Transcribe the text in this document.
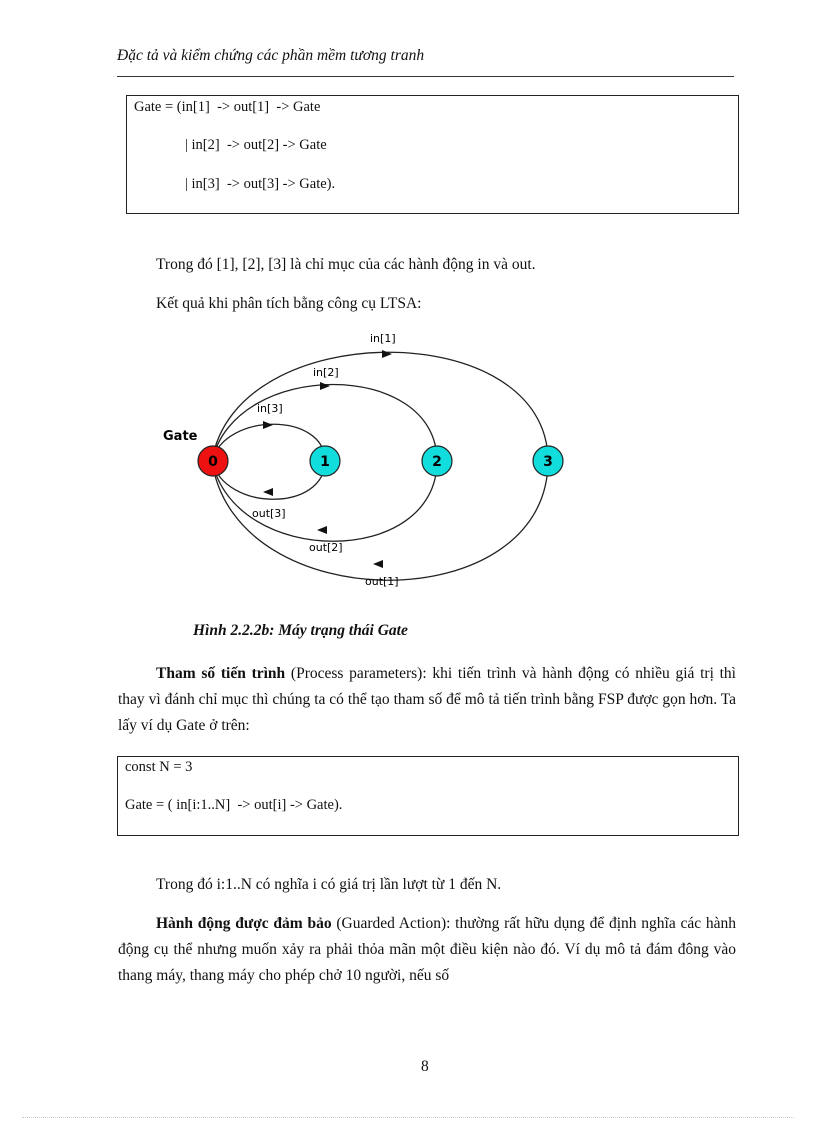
Đặc tả và kiểm chứng các phần mềm tương tranh
Gate = (in[1]  -> out[1]  -> Gate
| in[2]  -> out[2] -> Gate
| in[3]  -> out[3] -> Gate).
Trong đó [1], [2], [3] là chỉ mục của các hành động in và out.
Kết quả khi phân tích bằng công cụ LTSA:
in[1]
in[2]
in[3]
out[3]
out[2]
out[1]
Gate
0	1	2	3
Hình 2.2.2b: Máy trạng thái Gate
Tham số tiến trình (Process parameters): khi tiến trình và hành động có nhiều giá trị thì thay vì đánh chỉ mục thì chúng ta có thể tạo tham số để mô tả tiến trình bằng FSP được gọn hơn. Ta lấy ví dụ Gate ở trên:
const N = 3
Gate = ( in[i:1..N]  -> out[i] -> Gate).
Trong đó i:1..N có nghĩa i có giá trị lần lượt từ 1 đến N.
Hành động được đảm bảo (Guarded Action): thường rất hữu dụng để định nghĩa các hành động cụ thể nhưng muốn xảy ra phải thỏa mãn một điều kiện nào đó. Ví dụ mô tả đám đông vào thang máy, thang máy cho phép chở 10 người, nếu số
8
